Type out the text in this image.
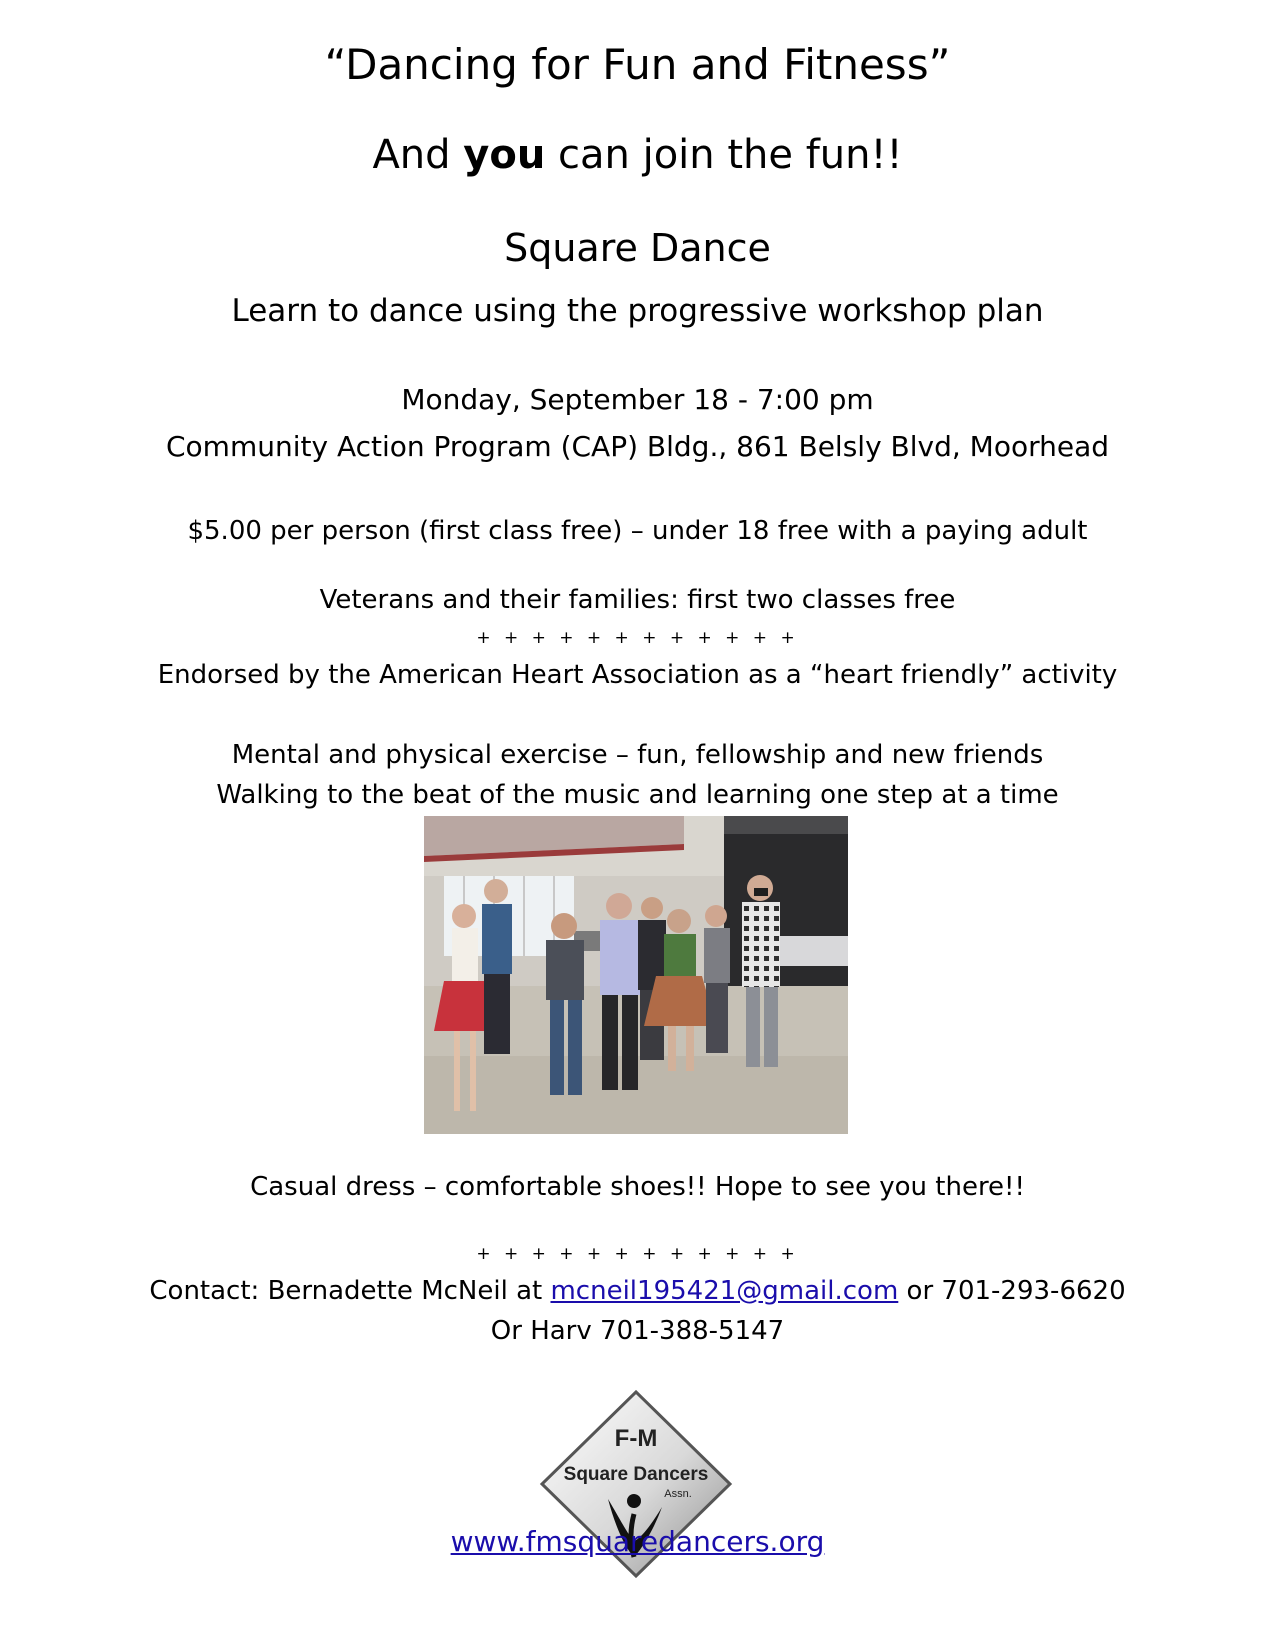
“Dancing for Fun and Fitness”
And you can join the fun!!
Square Dance
Learn to dance using the progressive workshop plan
Monday, September 18 - 7:00 pm
Community Action Program (CAP) Bldg., 861 Belsly Blvd, Moorhead
$5.00 per person (first class free) – under 18 free with a paying adult
Veterans and their families: first two classes free
+ + + + + + + + + + + +
Endorsed by the American Heart Association as a “heart friendly” activity
Mental and physical exercise – fun, fellowship and new friends
Walking to the beat of the music and learning one step at a time
Casual dress – comfortable shoes!! Hope to see you there!!
+ + + + + + + + + + + +
Contact: Bernadette McNeil at mcneil195421@gmail.com or 701-293-6620
Or Harv 701-388-5147
F-M
Square Dancers
Assn.
www.fmsquaredancers.org
